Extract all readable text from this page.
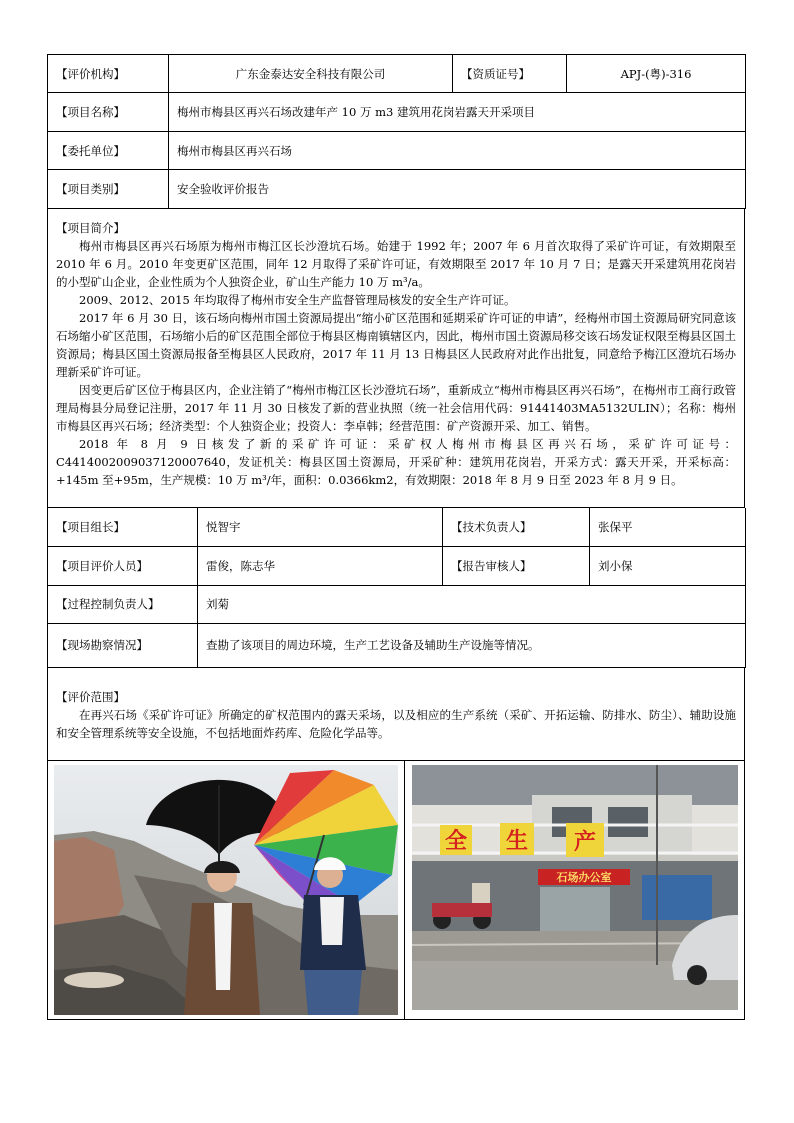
【评价机构】	广东金泰达安全科技有限公司	【资质证号】	APJ-(粤)-316
【项目名称】	梅州市梅县区再兴石场改建年产 10 万 m3 建筑用花岗岩露天开采项目		
【委托单位】	梅州市梅县区再兴石场		
【项目类别】	安全验收评价报告		

【项目简介】

梅州市梅县区再兴石场原为梅州市梅江区长沙澄坑石场。始建于 1992 年；2007 年 6 月首次取得了采矿许可证，有效期限至 2010 年 6 月。2010 年变更矿区范围，同年 12 月取得了采矿许可证，有效期限至 2017 年 10 月 7 日；是露天开采建筑用花岗岩的小型矿山企业，企业性质为个人独资企业，矿山生产能力 10 万 m³/a。

2009、2012、2015 年均取得了梅州市安全生产监督管理局核发的安全生产许可证。

2017 年 6 月 30 日，该石场向梅州市国土资源局提出“缩小矿区范围和延期采矿许可证的申请”，经梅州市国土资源局研究同意该石场缩小矿区范围，石场缩小后的矿区范围全部位于梅县区梅南镇辖区内，因此，梅州市国土资源局移交该石场发证权限至梅县区国土资源局；梅县区国土资源局报备至梅县区人民政府，2017 年 11 月 13 日梅县区人民政府对此作出批复，同意给予梅江区澄坑石场办理新采矿许可证。

因变更后矿区位于梅县区内，企业注销了“梅州市梅江区长沙澄坑石场”，重新成立“梅州市梅县区再兴石场”，在梅州市工商行政管理局梅县分局登记注册，2017 年 11 月 30 日核发了新的营业执照（统一社会信用代码：91441403MA5132ULIN）；名称：梅州市梅县区再兴石场；经济类型：个人独资企业；投资人：李卓韩；经营范围：矿产资源开采、加工、销售。

2018 年 8 月 9 日核发了新的采矿许可证：采矿权人梅州市梅县区再兴石场，采矿许可证号：C4414002009037120007640，发证机关：梅县区国土资源局，开采矿种：建筑用花岗岩，开采方式：露天开采，开采标高：+145m 至+95m，生产规模：10 万 m³/年，面积：0.0366km2，有效期限：2018 年 8 月 9 日至 2023 年 8 月 9 日。

【项目组长】	悦智宇	【技术负责人】	张保平
【项目评价人员】	雷俊，陈志华	【报告审核人】	刘小保
【过程控制负责人】	刘菊		
【现场勘察情况】	查勘了该项目的周边环境，生产工艺设备及辅助生产设施等情况。		

【评价范围】

在再兴石场《采矿许可证》所确定的矿权范围内的露天采场，以及相应的生产系统（采矿、开拓运输、防排水、防尘）、辅助设施和安全管理系统等安全设施，不包括地面炸药库、危险化学品等。

全 生 产
石场办公室
